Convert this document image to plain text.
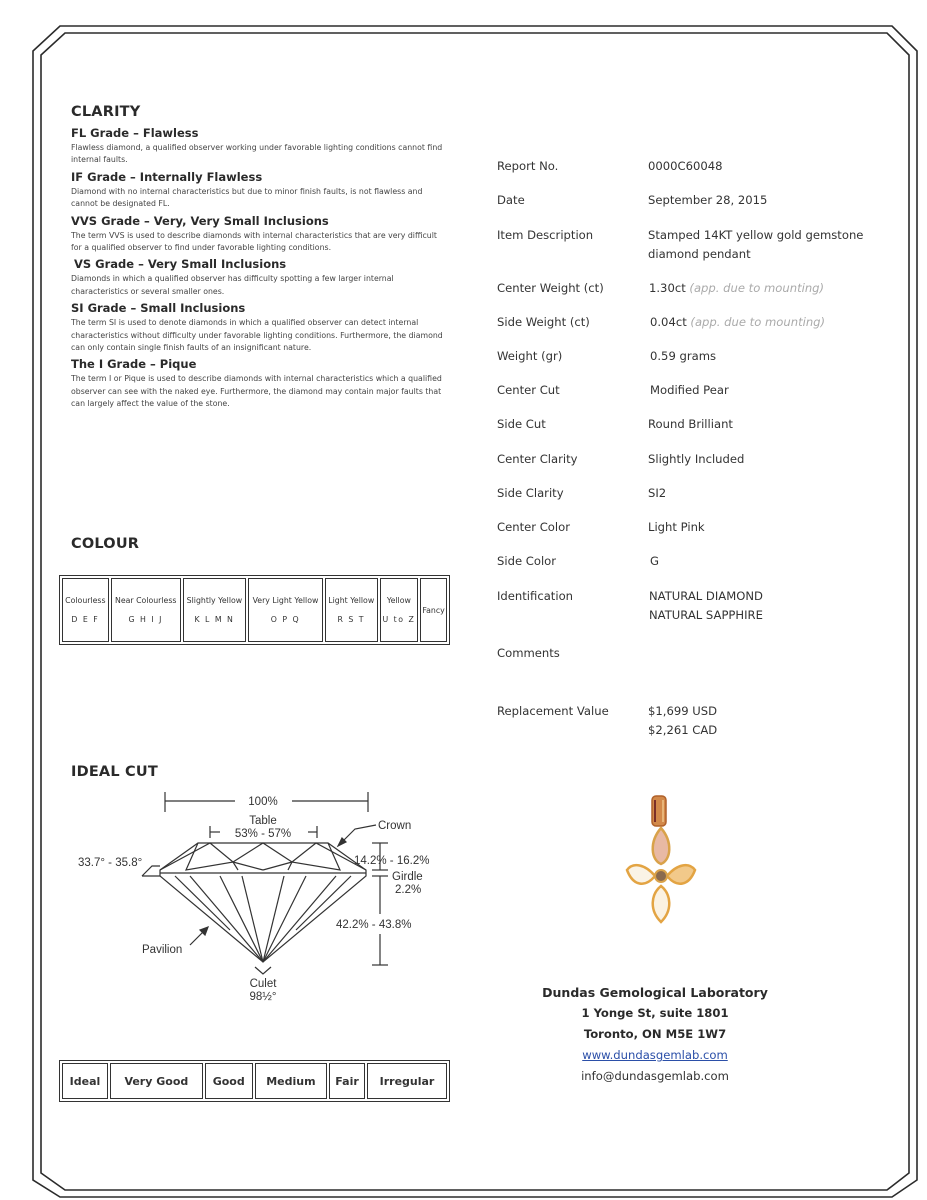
CLARITY
FL Grade – Flawless
Flawless diamond, a qualified observer working under favorable lighting conditions cannot find internal faults.
IF Grade – Internally Flawless
Diamond with no internal characteristics but due to minor finish faults, is not flawless and cannot be designated FL.
VVS Grade – Very, Very Small Inclusions
The term VVS is used to describe diamonds with internal characteristics that are very difficult for a qualified observer to find under favorable lighting conditions.
VS Grade – Very Small Inclusions
Diamonds in which a qualified observer has difficulty spotting a few larger internal characteristics or several smaller ones.
SI Grade – Small Inclusions
The term SI is used to denote diamonds in which a qualified observer can detect internal characteristics without difficulty under favorable lighting conditions. Furthermore, the diamond can only contain single finish faults of an insignificant nature.
The I Grade – Pique
The term I or Pique is used to describe diamonds with internal characteristics which a qualified observer can see with the naked eye. Furthermore, the diamond may contain major faults that can largely affect the value of the stone.
COLOUR
Colourless
D E F
	Near Colourless
G H I J
	Slightly Yellow
K L M N
	Very Light Yellow
O P Q
	Light Yellow
R S T
	Yellow
U to Z
	Fancy
IDEAL CUT
100%
Table
53% - 57%
Crown
33.7° - 35.8°	14.2% - 16.2%
Girdle
2.2%
42.2% - 43.8%
Pavilion
Culet
98½°
Ideal	Very Good	Good	Medium	Fair	Irregular
Report No.	0000C60048
Date	September 28, 2015
Item Description	Stamped 14KT yellow gold gemstone
diamond pendant
Center Weight (ct)	1.30ct (app. due to mounting)
Side Weight (ct)	0.04ct (app. due to mounting)
Weight (gr)	0.59 grams
Center Cut	Modified Pear
Side Cut	Round Brilliant
Center Clarity	Slightly Included
Side Clarity	SI2
Center Color	Light Pink
Side Color	G
Identification	NATURAL DIAMOND
NATURAL SAPPHIRE
Comments
Replacement Value	$1,699 USD
$2,261 CAD
Dundas Gemological Laboratory
1 Yonge St, suite 1801
Toronto, ON M5E 1W7
www.dundasgemlab.com
info@dundasgemlab.com
